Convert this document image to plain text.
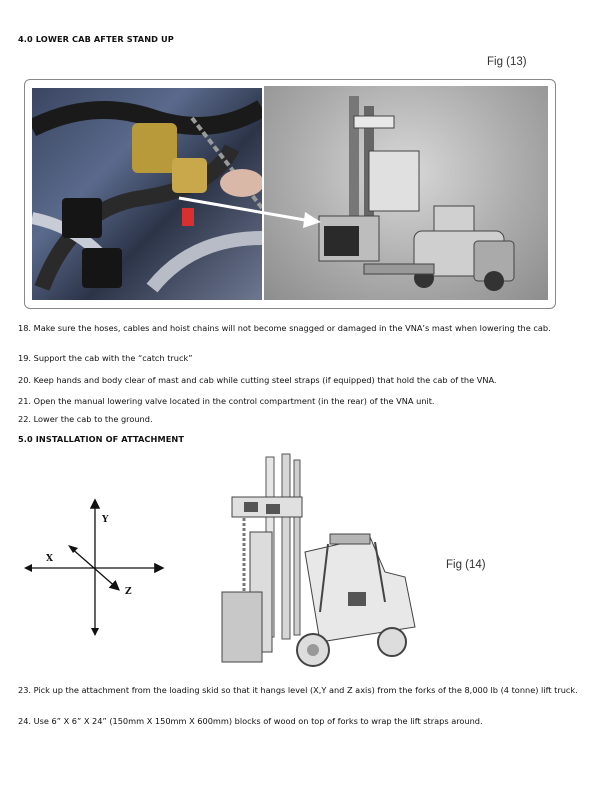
4.0 LOWER CAB AFTER STAND UP
Fig (13)
18. Make sure the hoses, cables and hoist chains will not become snagged or damaged in the VNA’s mast when lowering the cab.
19. Support the cab with the “catch truck”
20. Keep hands and body clear of mast and cab while cutting steel straps (if equipped) that hold the cab of the VNA.
21. Open the manual lowering valve located in the control compartment (in the rear) of the VNA unit.
22. Lower the cab to the ground.
5.0 INSTALLATION OF ATTACHMENT
Y
X
Z
Fig (14)
23. Pick up the attachment from the loading skid so that it hangs level (X,Y and Z axis) from the forks of the 8,000 lb (4 tonne) lift truck.
24. Use 6” X 6” X 24” (150mm X 150mm X 600mm) blocks of wood on top of forks to wrap the lift straps around.
